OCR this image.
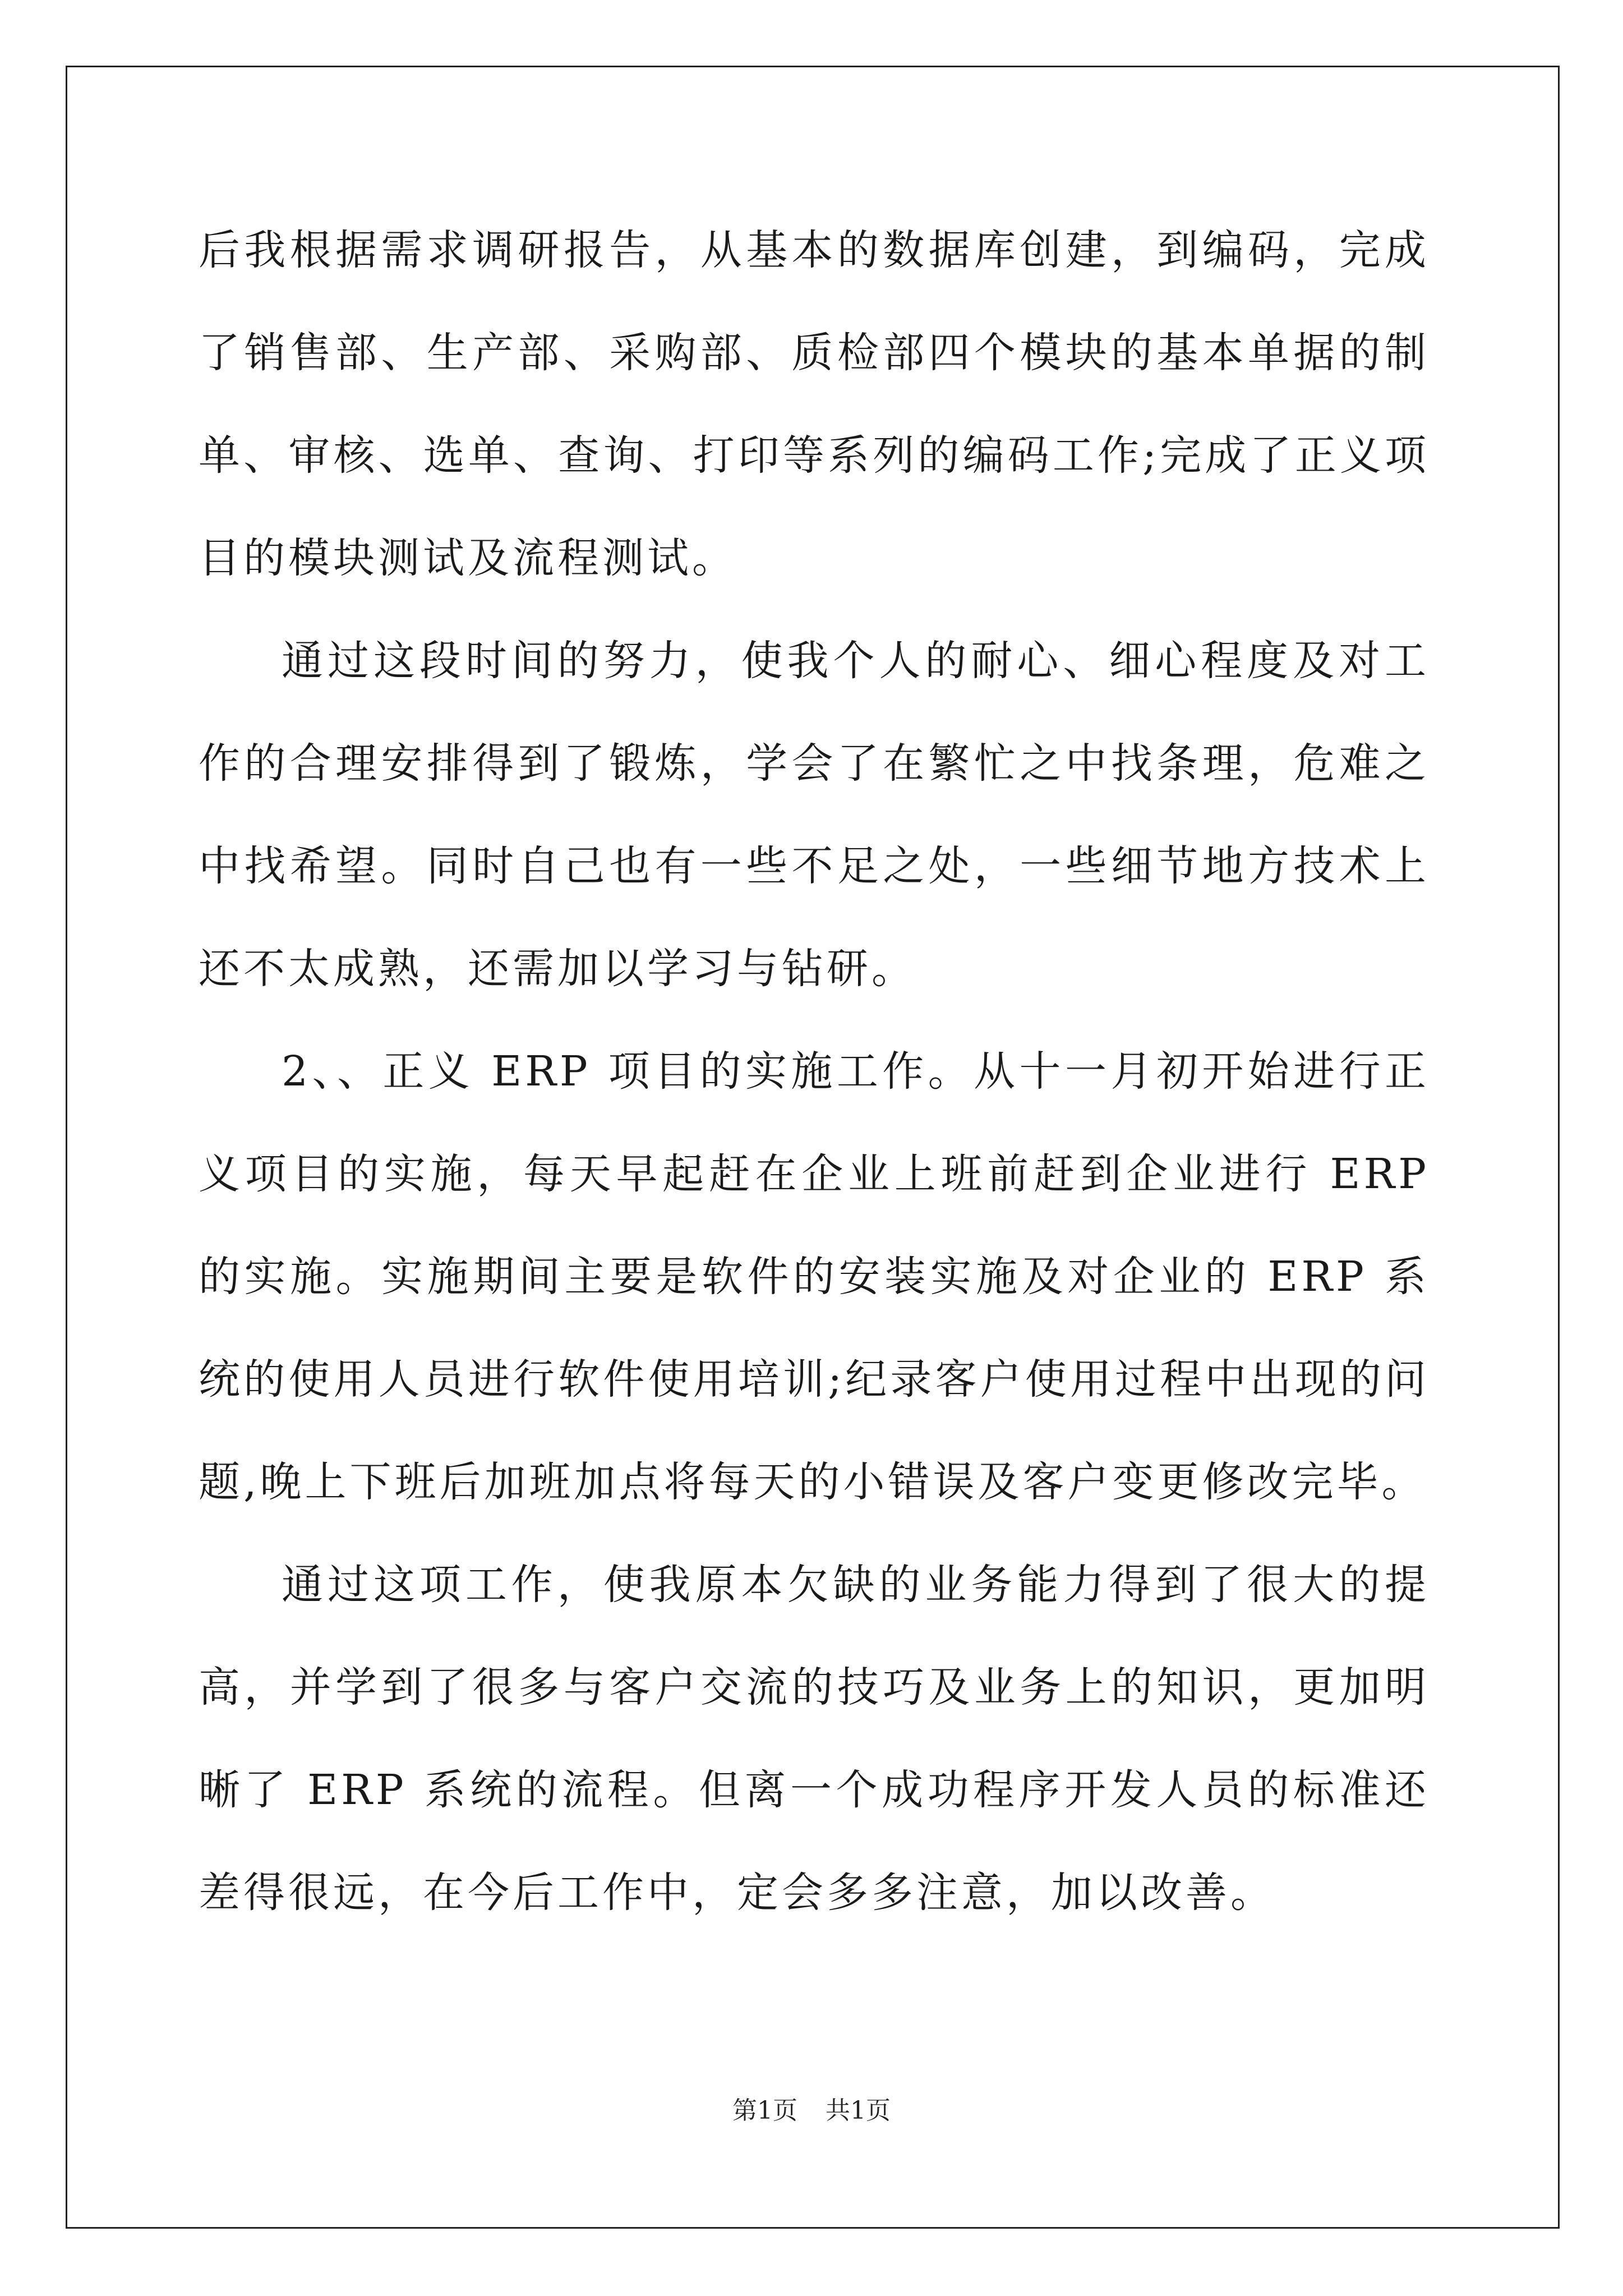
后我根据需求调研报告，从基本的数据库创建，到编码，完成了销售部、生产部、采购部、质检部四个模块的基本单据的制单、审核、选单、查询、打印等系列的编码工作;完成了正义项目的模块测试及流程测试。

通过这段时间的努力，使我个人的耐心、细心程度及对工作的合理安排得到了锻炼，学会了在繁忙之中找条理，危难之中找希望。同时自己也有一些不足之处，一些细节地方技术上还不太成熟，还需加以学习与钻研。

2、、正义 ERP 项目的实施工作。从十一月初开始进行正义项目的实施，每天早起赶在企业上班前赶到企业进行 ERP 的实施。实施期间主要是软件的安装实施及对企业的 ERP 系统的使用人员进行软件使用培训;纪录客户使用过程中出现的问题,晚上下班后加班加点将每天的小错误及客户变更修改完毕。

通过这项工作，使我原本欠缺的业务能力得到了很大的提高，并学到了很多与客户交流的技巧及业务上的知识，更加明晰了 ERP 系统的流程。但离一个成功程序开发人员的标准还差得很远，在今后工作中，定会多多注意，加以改善。

第1页 共1页
